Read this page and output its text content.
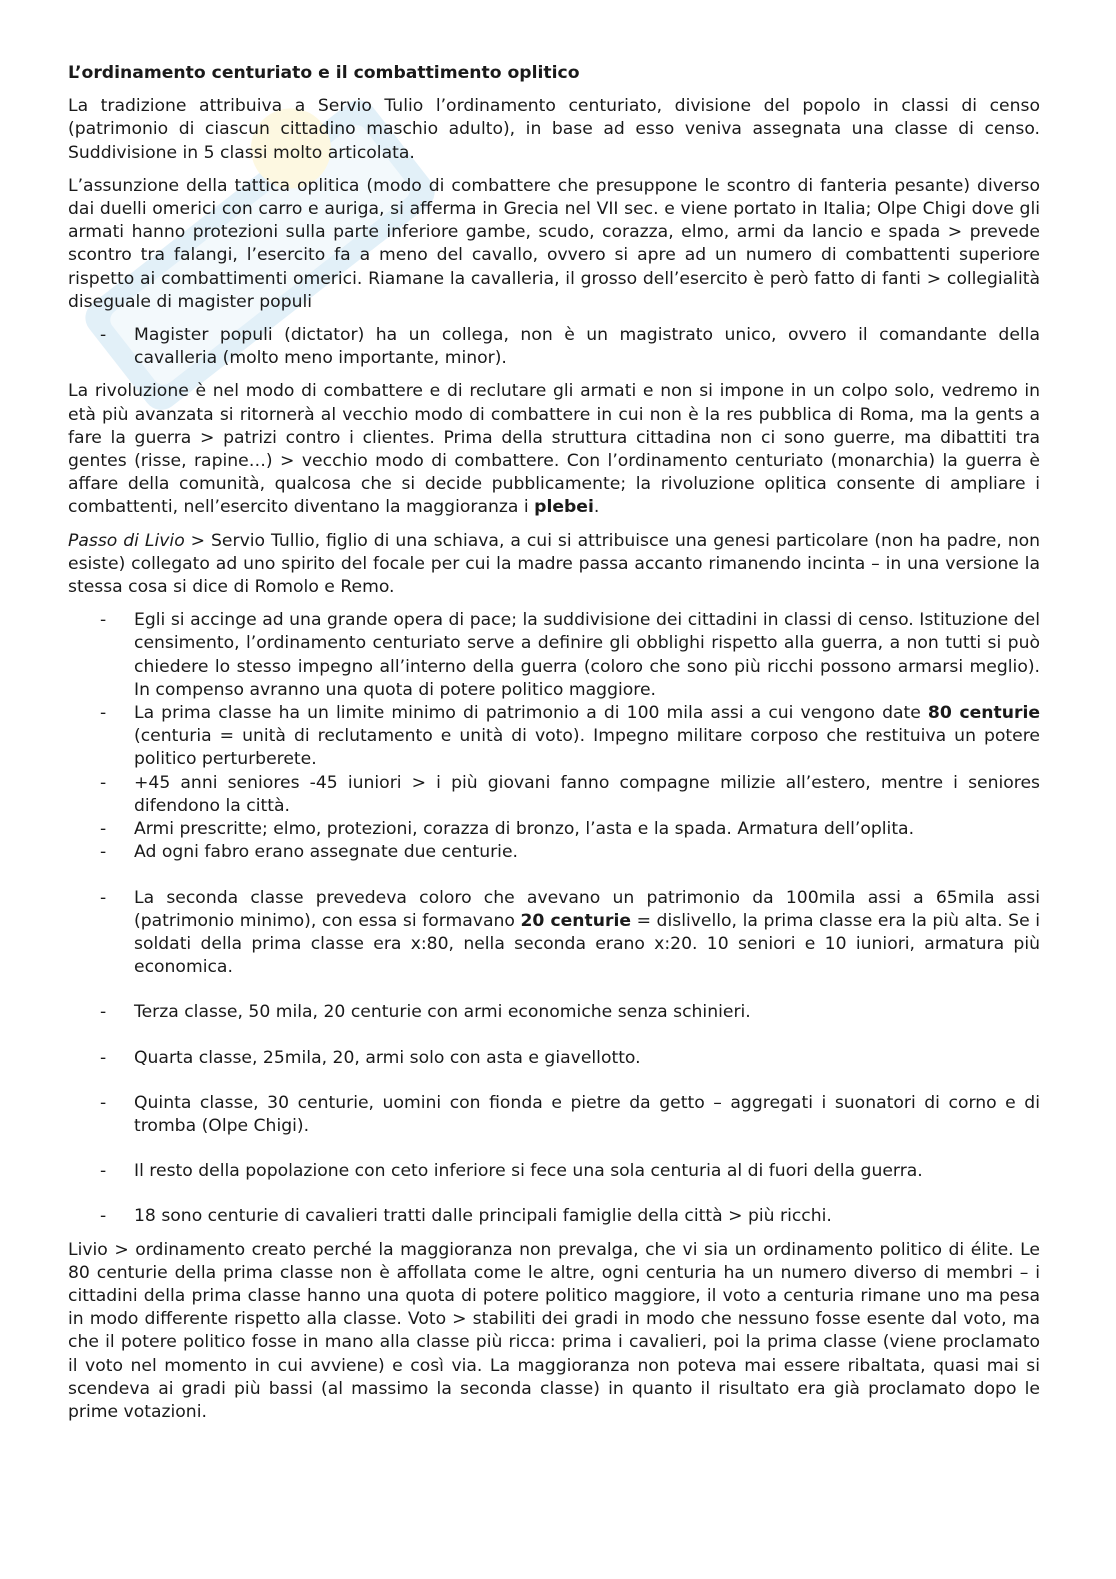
L’ordinamento centuriato e il combattimento oplitico

La tradizione attribuiva a Servio Tulio l’ordinamento centuriato, divisione del popolo in classi di censo (patrimonio di ciascun cittadino maschio adulto), in base ad esso veniva assegnata una classe di censo. Suddivisione in 5 classi molto articolata.

L’assunzione della tattica oplitica (modo di combattere che presuppone le scontro di fanteria pesante) diverso dai duelli omerici con carro e auriga, si afferma in Grecia nel VII sec. e viene portato in Italia; Olpe Chigi dove gli armati hanno protezioni sulla parte inferiore gambe, scudo, corazza, elmo, armi da lancio e spada > prevede scontro tra falangi, l’esercito fa a meno del cavallo, ovvero si apre ad un numero di combattenti superiore rispetto ai combattimenti omerici. Riamane la cavalleria, il grosso dell’esercito è però fatto di fanti > collegialità diseguale di magister populi

- Magister populi (dictator) ha un collega, non è un magistrato unico, ovvero il comandante della cavalleria (molto meno importante, minor).

La rivoluzione è nel modo di combattere e di reclutare gli armati e non si impone in un colpo solo, vedremo in età più avanzata si ritornerà al vecchio modo di combattere in cui non è la res pubblica di Roma, ma la gents a fare la guerra > patrizi contro i clientes. Prima della struttura cittadina non ci sono guerre, ma dibattiti tra gentes (risse, rapine…) > vecchio modo di combattere. Con l’ordinamento centuriato (monarchia) la guerra è affare della comunità, qualcosa che si decide pubblicamente; la rivoluzione oplitica consente di ampliare i combattenti, nell’esercito diventano la maggioranza i plebei.

Passo di Livio > Servio Tullio, figlio di una schiava, a cui si attribuisce una genesi particolare (non ha padre, non esiste) collegato ad uno spirito del focale per cui la madre passa accanto rimanendo incinta – in una versione la stessa cosa si dice di Romolo e Remo.

- Egli si accinge ad una grande opera di pace; la suddivisione dei cittadini in classi di censo. Istituzione del censimento, l’ordinamento centuriato serve a definire gli obblighi rispetto alla guerra, a non tutti si può chiedere lo stesso impegno all’interno della guerra (coloro che sono più ricchi possono armarsi meglio). In compenso avranno una quota di potere politico maggiore.
- La prima classe ha un limite minimo di patrimonio a di 100 mila assi a cui vengono date 80 centurie (centuria = unità di reclutamento e unità di voto). Impegno militare corposo che restituiva un potere politico perturberete.
- +45 anni seniores -45 iuniori > i più giovani fanno compagne milizie all’estero, mentre i seniores difendono la città.
- Armi prescritte; elmo, protezioni, corazza di bronzo, l’asta e la spada. Armatura dell’oplita.
- Ad ogni fabro erano assegnate due centurie.
- La seconda classe prevedeva coloro che avevano un patrimonio da 100mila assi a 65mila assi (patrimonio minimo), con essa si formavano 20 centurie = dislivello, la prima classe era la più alta. Se i soldati della prima classe era x:80, nella seconda erano x:20. 10 seniori e 10 iuniori, armatura più economica.
- Terza classe, 50 mila, 20 centurie con armi economiche senza schinieri.
- Quarta classe, 25mila, 20, armi solo con asta e giavellotto.
- Quinta classe, 30 centurie, uomini con fionda e pietre da getto – aggregati i suonatori di corno e di tromba (Olpe Chigi).
- Il resto della popolazione con ceto inferiore si fece una sola centuria al di fuori della guerra.
- 18 sono centurie di cavalieri tratti dalle principali famiglie della città > più ricchi.

Livio > ordinamento creato perché la maggioranza non prevalga, che vi sia un ordinamento politico di élite. Le 80 centurie della prima classe non è affollata come le altre, ogni centuria ha un numero diverso di membri – i cittadini della prima classe hanno una quota di potere politico maggiore, il voto a centuria rimane uno ma pesa in modo differente rispetto alla classe. Voto > stabiliti dei gradi in modo che nessuno fosse esente dal voto, ma che il potere politico fosse in mano alla classe più ricca: prima i cavalieri, poi la prima classe (viene proclamato il voto nel momento in cui avviene) e così via. La maggioranza non poteva mai essere ribaltata, quasi mai si scendeva ai gradi più bassi (al massimo la seconda classe) in quanto il risultato era già proclamato dopo le prime votazioni.
